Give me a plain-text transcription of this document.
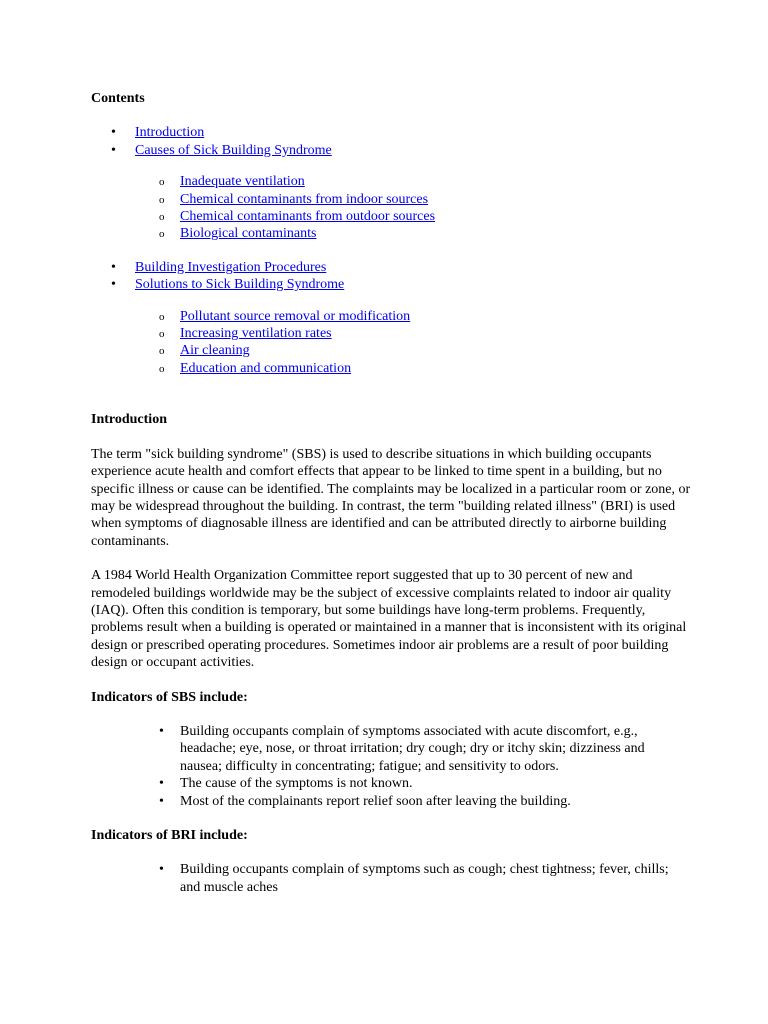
Contents

• Introduction
• Causes of Sick Building Syndrome
o Inadequate ventilation
o Chemical contaminants from indoor sources
o Chemical contaminants from outdoor sources
o Biological contaminants
• Building Investigation Procedures
• Solutions to Sick Building Syndrome
o Pollutant source removal or modification
o Increasing ventilation rates
o Air cleaning
o Education and communication

Introduction

The term "sick building syndrome" (SBS) is used to describe situations in which building occupants experience acute health and comfort effects that appear to be linked to time spent in a building, but no specific illness or cause can be identified. The complaints may be localized in a particular room or zone, or may be widespread throughout the building. In contrast, the term "building related illness" (BRI) is used when symptoms of diagnosable illness are identified and can be attributed directly to airborne building contaminants.

A 1984 World Health Organization Committee report suggested that up to 30 percent of new and remodeled buildings worldwide may be the subject of excessive complaints related to indoor air quality (IAQ). Often this condition is temporary, but some buildings have long-term problems. Frequently, problems result when a building is operated or maintained in a manner that is inconsistent with its original design or prescribed operating procedures. Sometimes indoor air problems are a result of poor building design or occupant activities.

Indicators of SBS include:

• Building occupants complain of symptoms associated with acute discomfort, e.g., headache; eye, nose, or throat irritation; dry cough; dry or itchy skin; dizziness and nausea; difficulty in concentrating; fatigue; and sensitivity to odors.
• The cause of the symptoms is not known.
• Most of the complainants report relief soon after leaving the building.

Indicators of BRI include:

• Building occupants complain of symptoms such as cough; chest tightness; fever, chills; and muscle aches
